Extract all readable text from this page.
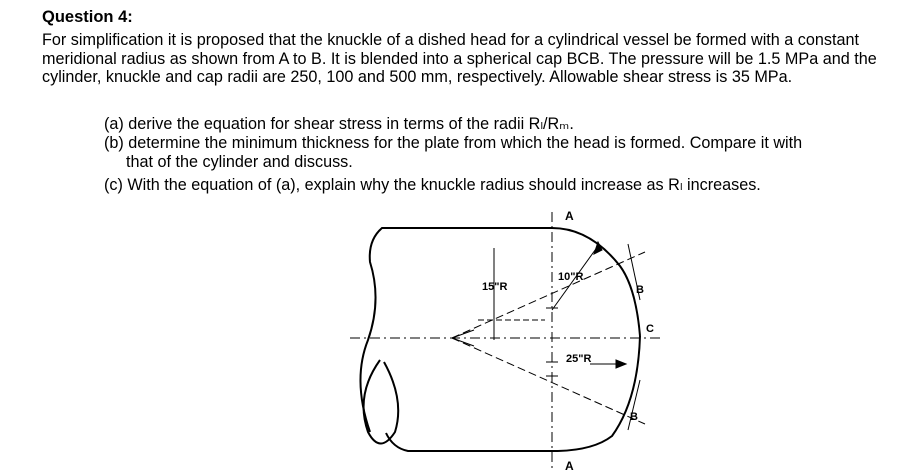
Question 4:

For simplification it is proposed that the knuckle of a dished head for a cylindrical vessel be formed with a constant meridional radius as shown from A to B. It is blended into a spherical cap BCB. The pressure will be 1.5 MPa and the cylinder, knuckle and cap radii are 250, 100 and 500 mm, respectively. Allowable shear stress is 35 MPa.

(a) derive the equation for shear stress in terms of the radii Rₗ/Rₘ.

(b) determine the minimum thickness for the plate from which the head is formed. Compare it with
that of the cylinder and discuss.

(c) With the equation of (a), explain why the knuckle radius should increase as Rₗ increases.

A
A
B
C
B
15"R
10"R
25"R
